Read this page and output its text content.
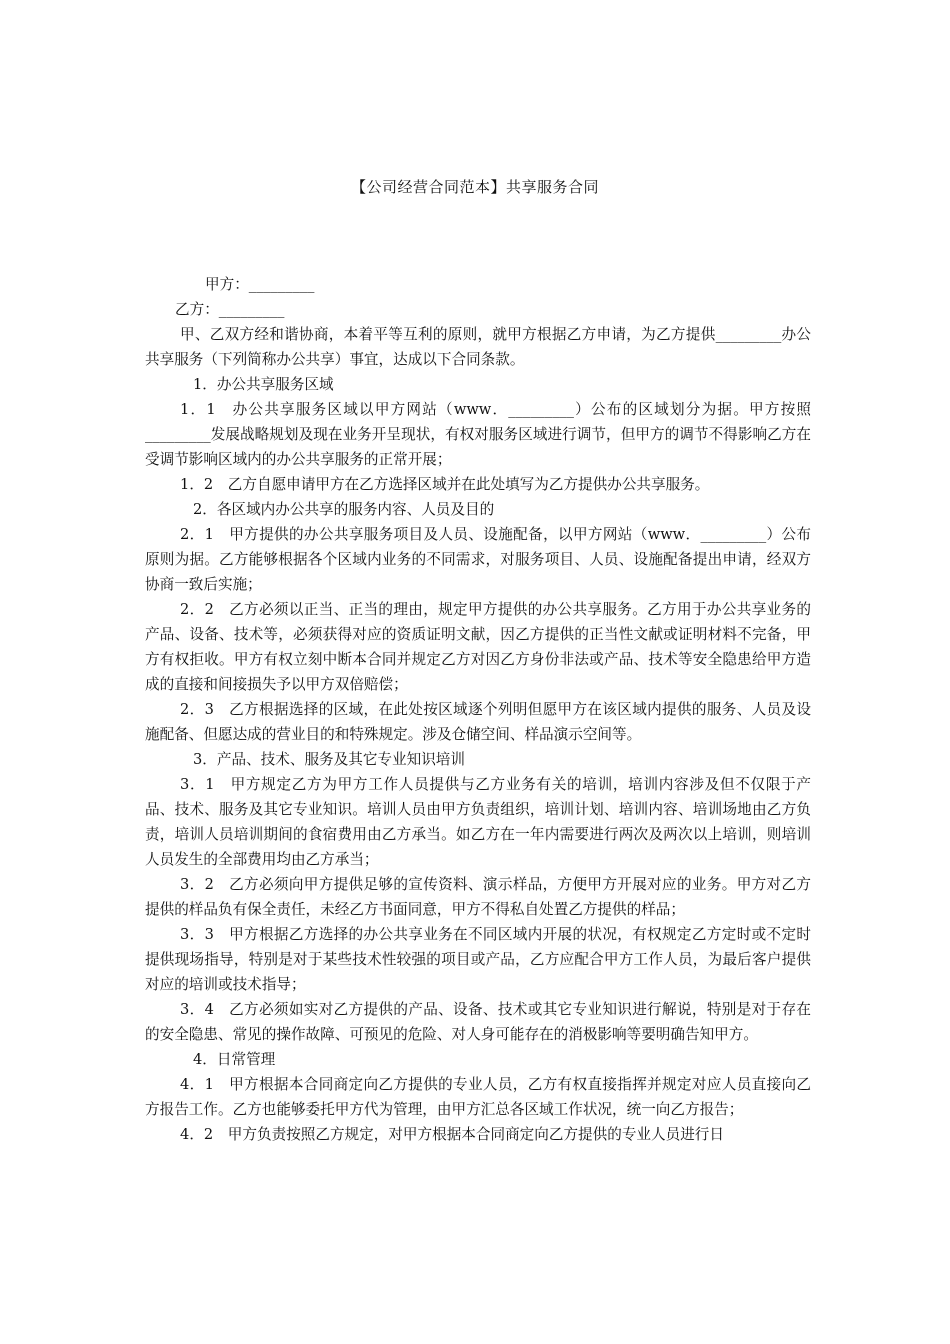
【公司经营合同范本】共享服务合同

甲方：_________

乙方：_________

甲、乙双方经和谐协商，本着平等互利的原则，就甲方根据乙方申请，为乙方提供_________办公共享服务（下列简称办公共享）事宜，达成以下合同条款。

1．办公共享服务区域

1．1　办公共享服务区域以甲方网站（www．_________）公布的区域划分为据。甲方按照_________发展战略规划及现在业务开呈现状，有权对服务区域进行调节，但甲方的调节不得影响乙方在受调节影响区域内的办公共享服务的正常开展；

1．2　乙方自愿申请甲方在乙方选择区域并在此处填写为乙方提供办公共享服务。

2．各区域内办公共享的服务内容、人员及目的

2．1　甲方提供的办公共享服务项目及人员、设施配备，以甲方网站（www．_________）公布原则为据。乙方能够根据各个区域内业务的不同需求，对服务项目、人员、设施配备提出申请，经双方协商一致后实施；

2．2　乙方必须以正当、正当的理由，规定甲方提供的办公共享服务。乙方用于办公共享业务的产品、设备、技术等，必须获得对应的资质证明文献，因乙方提供的正当性文献或证明材料不完备，甲方有权拒收。甲方有权立刻中断本合同并规定乙方对因乙方身份非法或产品、技术等安全隐患给甲方造成的直接和间接损失予以甲方双倍赔偿；

2．3　乙方根据选择的区域，在此处按区域逐个列明但愿甲方在该区域内提供的服务、人员及设施配备、但愿达成的营业目的和特殊规定。涉及仓储空间、样品演示空间等。

3．产品、技术、服务及其它专业知识培训

3．1　甲方规定乙方为甲方工作人员提供与乙方业务有关的培训，培训内容涉及但不仅限于产品、技术、服务及其它专业知识。培训人员由甲方负责组织，培训计划、培训内容、培训场地由乙方负责，培训人员培训期间的食宿费用由乙方承当。如乙方在一年内需要进行两次及两次以上培训，则培训人员发生的全部费用均由乙方承当；

3．2　乙方必须向甲方提供足够的宣传资料、演示样品，方便甲方开展对应的业务。甲方对乙方提供的样品负有保全责任，未经乙方书面同意，甲方不得私自处置乙方提供的样品；

3．3　甲方根据乙方选择的办公共享业务在不同区域内开展的状况，有权规定乙方定时或不定时提供现场指导，特别是对于某些技术性较强的项目或产品，乙方应配合甲方工作人员，为最后客户提供对应的培训或技术指导；

3．4　乙方必须如实对乙方提供的产品、设备、技术或其它专业知识进行解说，特别是对于存在的安全隐患、常见的操作故障、可预见的危险、对人身可能存在的消极影响等要明确告知甲方。

4．日常管理

4．1　甲方根据本合同商定向乙方提供的专业人员，乙方有权直接指挥并规定对应人员直接向乙方报告工作。乙方也能够委托甲方代为管理，由甲方汇总各区域工作状况，统一向乙方报告；

4．2　甲方负责按照乙方规定，对甲方根据本合同商定向乙方提供的专业人员进行日
